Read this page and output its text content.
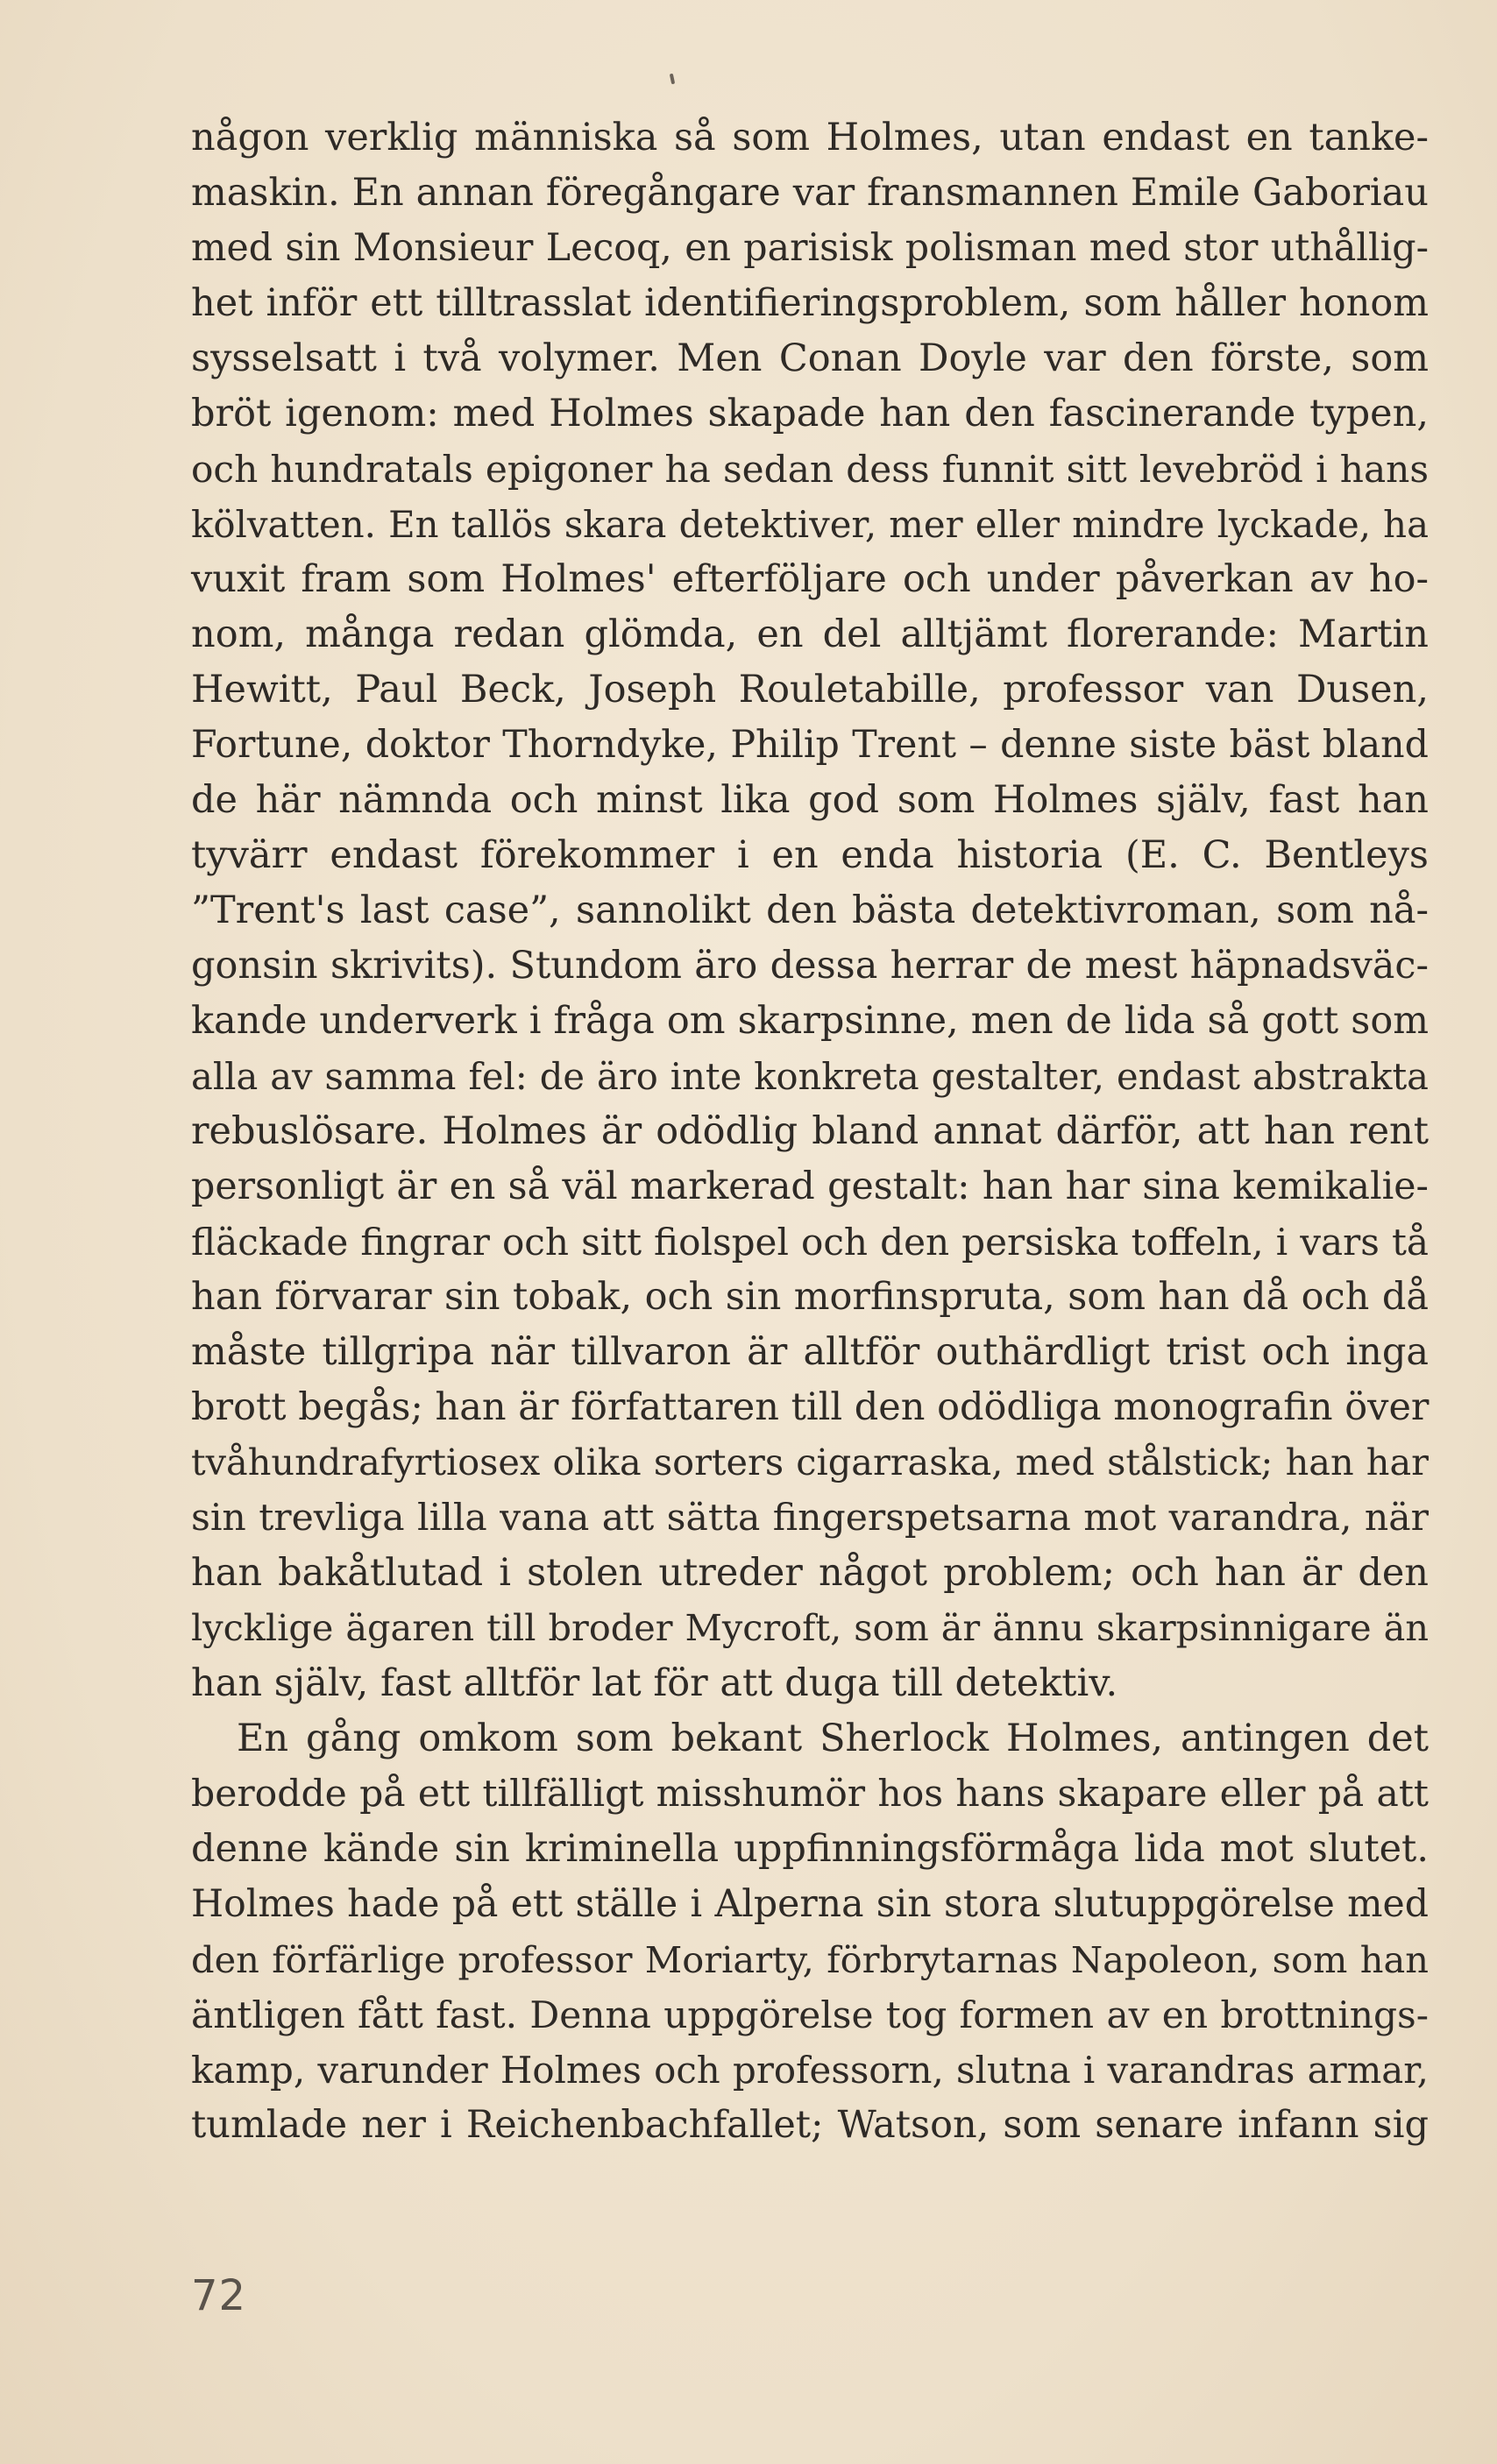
någon verklig människa så som Holmes, utan endast en tanke-
maskin. En annan föregångare var fransmannen Emile Gaboriau
med sin Monsieur Lecoq, en parisisk polisman med stor uthållig-
het inför ett tilltrasslat identifieringsproblem, som håller honom
sysselsatt i två volymer. Men Conan Doyle var den förste, som
bröt igenom: med Holmes skapade han den fascinerande typen,
och hundratals epigoner ha sedan dess funnit sitt levebröd i hans
kölvatten. En tallös skara detektiver, mer eller mindre lyckade, ha
vuxit fram som Holmes' efterföljare och under påverkan av ho-
nom, många redan glömda, en del alltjämt florerande: Martin
Hewitt, Paul Beck, Joseph Rouletabille, professor van Dusen,
Fortune, doktor Thorndyke, Philip Trent – denne siste bäst bland
de här nämnda och minst lika god som Holmes själv, fast han
tyvärr endast förekommer i en enda historia (E. C. Bentleys
”Trent's last case”, sannolikt den bästa detektivroman, som nå-
gonsin skrivits). Stundom äro dessa herrar de mest häpnadsväc-
kande underverk i fråga om skarpsinne, men de lida så gott som
alla av samma fel: de äro inte konkreta gestalter, endast abstrakta
rebuslösare. Holmes är odödlig bland annat därför, att han rent
personligt är en så väl markerad gestalt: han har sina kemikalie-
fläckade fingrar och sitt fiolspel och den persiska toffeln, i vars tå
han förvarar sin tobak, och sin morfinspruta, som han då och då
måste tillgripa när tillvaron är alltför outhärdligt trist och inga
brott begås; han är författaren till den odödliga monografin över
tvåhundrafyrtiosex olika sorters cigarraska, med stålstick; han har
sin trevliga lilla vana att sätta fingerspetsarna mot varandra, när
han bakåtlutad i stolen utreder något problem; och han är den
lycklige ägaren till broder Mycroft, som är ännu skarpsinnigare än
han själv, fast alltför lat för att duga till detektiv.
En gång omkom som bekant Sherlock Holmes, antingen det
berodde på ett tillfälligt misshumör hos hans skapare eller på att
denne kände sin kriminella uppfinningsförmåga lida mot slutet.
Holmes hade på ett ställe i Alperna sin stora slutuppgörelse med
den förfärlige professor Moriarty, förbrytarnas Napoleon, som han
äntligen fått fast. Denna uppgörelse tog formen av en brottnings-
kamp, varunder Holmes och professorn, slutna i varandras armar,
tumlade ner i Reichenbachfallet; Watson, som senare infann sig
72
